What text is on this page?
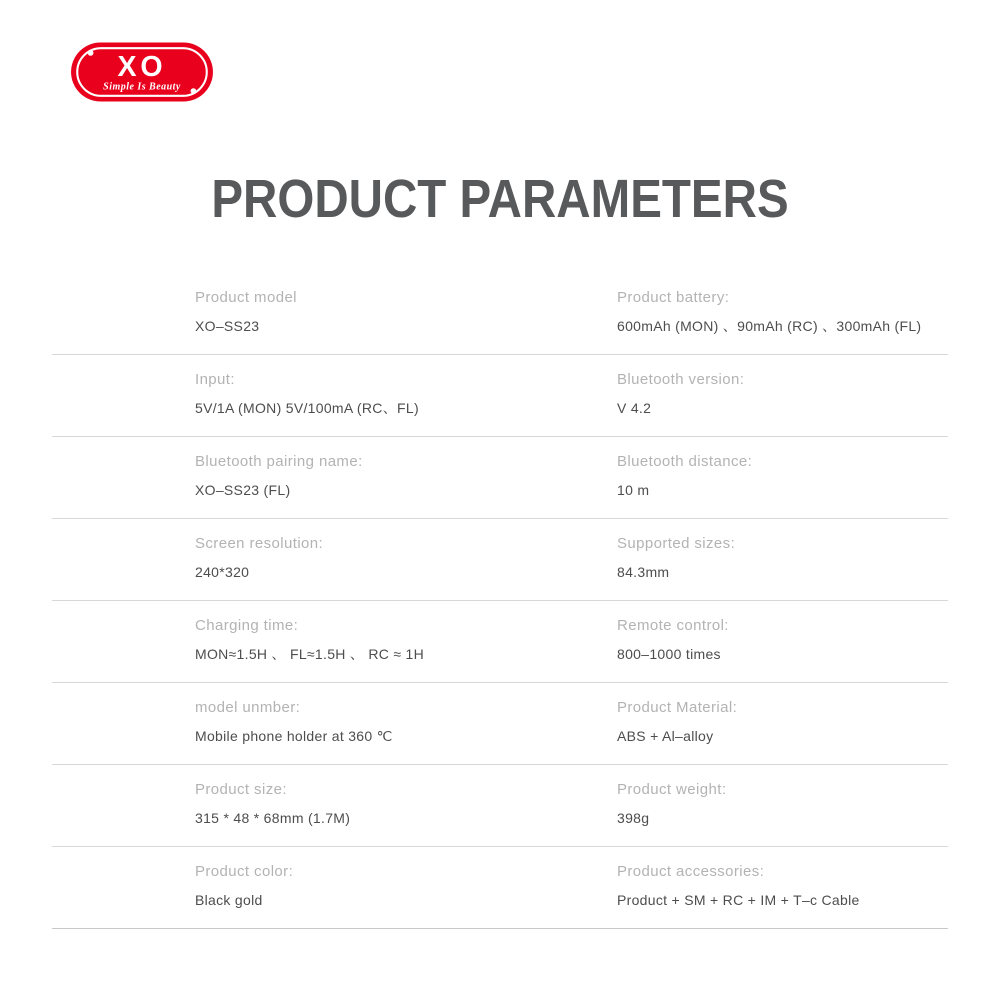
XO
Simple Is Beauty
PRODUCT PARAMETERS
Product model
XO–SS23
Product battery:
600mAh (MON) 、90mAh (RC) 、300mAh (FL)
Input:
5V/1A (MON) 5V/100mA (RC、FL)
Bluetooth version:
V 4.2
Bluetooth pairing name:
XO–SS23 (FL)
Bluetooth distance:
10 m
Screen resolution:
240*320
Supported sizes:
84.3mm
Charging time:
MON≈1.5H 、 FL≈1.5H 、 RC ≈ 1H
Remote control:
800–1000 times
model unmber:
Mobile phone holder at 360 ℃
Product Material:
ABS + Al–alloy
Product size:
315 * 48 * 68mm (1.7M)
Product weight:
398g
Product color:
Black gold
Product accessories:
Product + SM + RC + IM + T–c Cable
